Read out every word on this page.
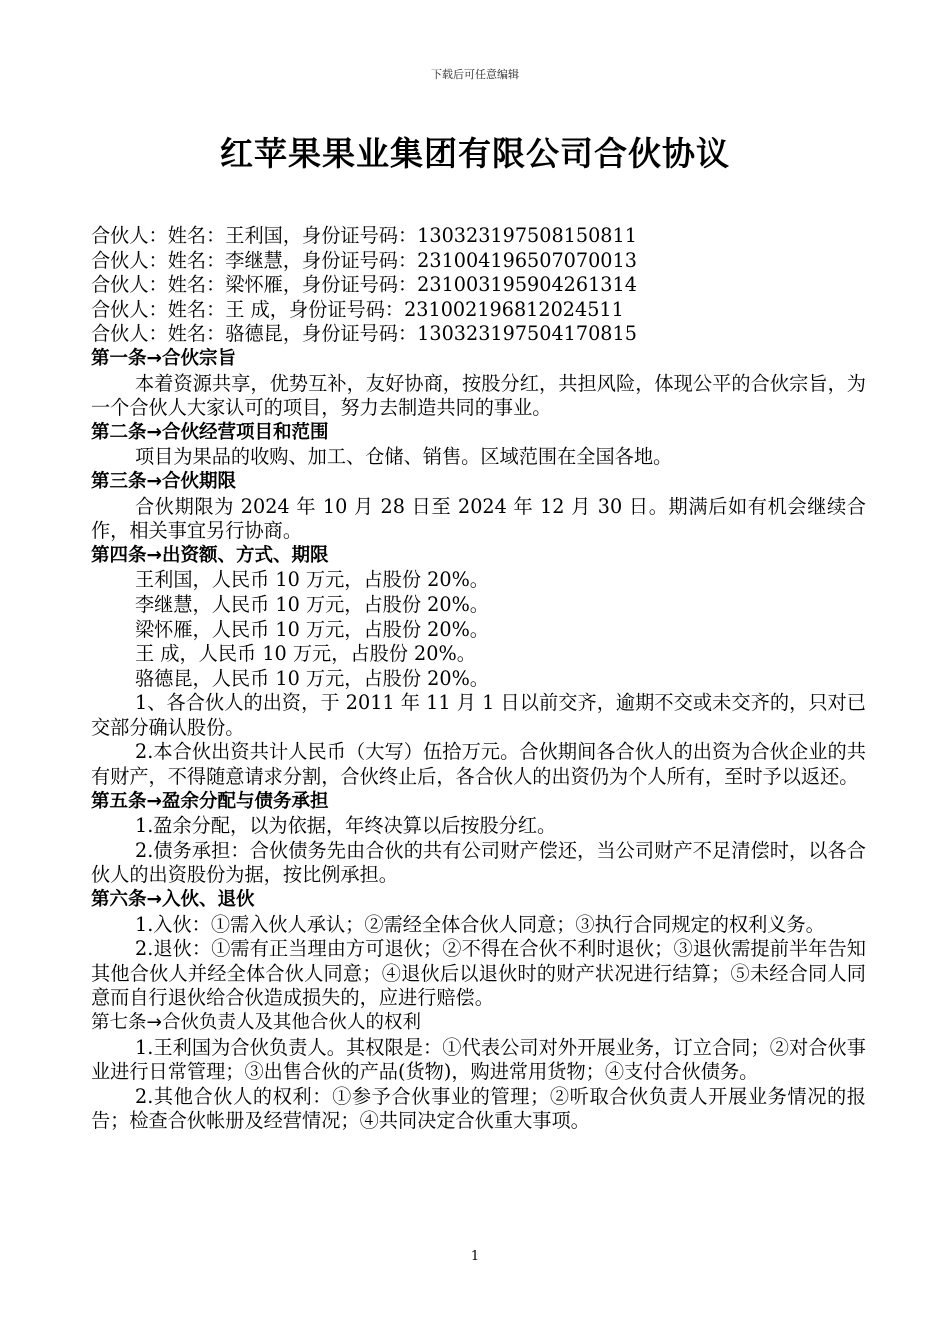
下载后可任意编辑
红苹果果业集团有限公司合伙协议
合伙人：姓名：王利国，身份证号码：130323197508150811
合伙人：姓名：李继慧，身份证号码：231004196507070013
合伙人：姓名：梁怀雁，身份证号码：231003195904261314
合伙人：姓名：王 成，身份证号码：231002196812024511
合伙人：姓名：骆德昆，身份证号码：130323197504170815
第一条→合伙宗旨
本着资源共享，优势互补，友好协商，按股分红，共担风险，体现公平的合伙宗旨，为一个合伙人大家认可的项目，努力去制造共同的事业。
第二条→合伙经营项目和范围
项目为果品的收购、加工、仓储、销售。区域范围在全国各地。
第三条→合伙期限
合伙期限为 2024 年 10 月 28 日至 2024 年 12 月 30 日。期满后如有机会继续合作，相关事宜另行协商。
第四条→出资额、方式、期限
王利国，人民币 10 万元，占股份 20%。
李继慧，人民币 10 万元，占股份 20%。
梁怀雁，人民币 10 万元，占股份 20%。
王 成，人民币 10 万元，占股份 20%。
骆德昆，人民币 10 万元，占股份 20%。
1、各合伙人的出资，于 2011 年 11 月 1 日以前交齐，逾期不交或未交齐的，只对已交部分确认股份。
2.本合伙出资共计人民币（大写）伍拾万元。合伙期间各合伙人的出资为合伙企业的共有财产，不得随意请求分割，合伙终止后，各合伙人的出资仍为个人所有，至时予以返还。
第五条→盈余分配与债务承担
1.盈余分配，以为依据，年终决算以后按股分红。
2.债务承担：合伙债务先由合伙的共有公司财产偿还，当公司财产不足清偿时，以各合伙人的出资股份为据，按比例承担。
第六条→入伙、退伙
1.入伙：①需入伙人承认；②需经全体合伙人同意；③执行合同规定的权利义务。
2.退伙：①需有正当理由方可退伙；②不得在合伙不利时退伙；③退伙需提前半年告知其他合伙人并经全体合伙人同意；④退伙后以退伙时的财产状况进行结算；⑤未经合同人同意而自行退伙给合伙造成损失的，应进行赔偿。
第七条→合伙负责人及其他合伙人的权利
1.王利国为合伙负责人。其权限是：①代表公司对外开展业务，订立合同；②对合伙事业进行日常管理；③出售合伙的产品(货物)，购进常用货物；④支付合伙债务。
2.其他合伙人的权利：①参予合伙事业的管理；②听取合伙负责人开展业务情况的报告；检查合伙帐册及经营情况；④共同决定合伙重大事项。
1
